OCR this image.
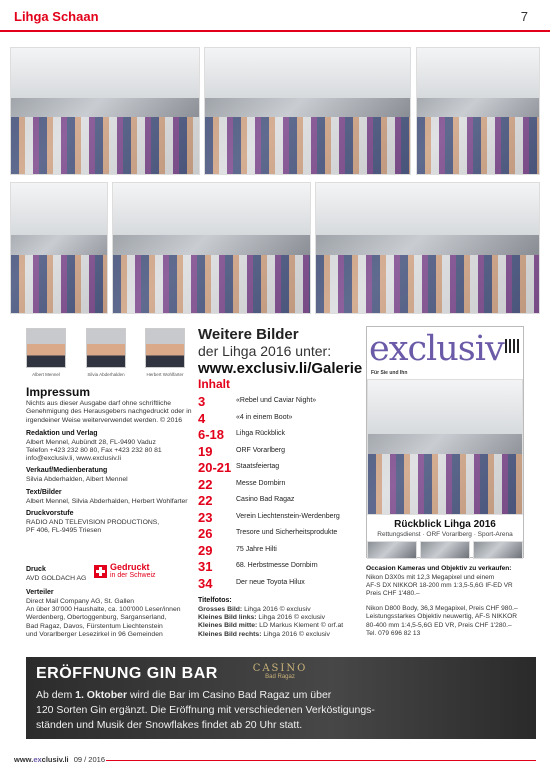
Lihga Schaan	7
Albert Mennel	Silvia Abderhalden	Herbert Wohlfarter
Impressum
Nichts aus dieser Ausgabe darf ohne schriftliche Genehmigung des Herausgebers nachgedruckt oder in irgendeiner Weise weiterverwendet werden. © 2016
Redaktion und Verlag
Albert Mennel, Aubündt 28, FL-9490 Vaduz
Telefon +423 232 80 80, Fax +423 232 80 81
info@exclusiv.li, www.exclusiv.li
Verkauf/Medienberatung
Silvia Abderhalden, Albert Mennel
Text/Bilder
Albert Mennel, Silvia Abderhalden, Herbert Wohlfarter
Druckvorstufe
RADIO AND TELEVISION PRODUCTIONS,
PF 406, FL-9495 Triesen
Druck
AVD GOLDACH AG
Gedruckt
in der Schweiz
Verteiler
Direct Mail Company AG, St. Gallen
An über 30'000 Haushalte, ca. 100'000 Leser/innen
Werdenberg, Obertoggenburg, Sarganserland,
Bad Ragaz, Davos, Fürstentum Liechtenstein
und Vorarlberger Lesezirkel in 96 Gemeinden
Weitere Bilder
der Lihga 2016 unter:
www.exclusiv.li/Galerie
Inhalt
3	«Rebel und Caviar Night»
4	«4 in einem Boot»
6-18	Lihga Rückblick
19	ORF Vorarlberg
20-21 Staatsfeiertag
22	Messe Dornbirn
22	Casino Bad Ragaz
23	Verein Liechtenstein-Werdenberg
26	Tresore und Sicherheitsprodukte
29	75 Jahre Hilti
31	68. Herbstmesse Dornbirn
34	Der neue Toyota Hilux
Titelfotos:
Grosses Bild: Lihga 2016 © exclusiv
Kleines Bild links: Lihga 2016 © exclusiv
Kleines Bild mitte: LD Markus Klement © orf.at
Kleines Bild rechts: Lihga 2016 © exclusiv
exclusiv
Für Sie und Ihn
Rückblick Lihga 2016
Rettungsdienst · ORF Vorarlberg · Sport-Arena
Occasion Kameras und Objektiv zu verkaufen:
Nikon D3X0s mit 12,3 Megapixel und einem
AF-S DX NIKKOR 18-200 mm 1:3,5-5,6G IF-ED VR
Preis CHF 1'480.–
Nikon D800 Body, 36,3 Megapixel, Preis CHF 980.–
Leistungsstarkes Objektiv neuwertig, AF-S NIKKOR
80-400 mm 1:4,5-5,6G ED VR, Preis CHF 1'280.–
Tel. 079 696 82 13
ERÖFFNUNG GIN BAR	CASINO
Bad Ragaz
Ab dem 1. Oktober wird die Bar im Casino Bad Ragaz um über
120 Sorten Gin ergänzt. Die Eröffnung mit verschiedenen Verköstigungs-
ständen und Musik der Snowflakes findet ab 20 Uhr statt.
www.exclusiv.li 09 / 2016
